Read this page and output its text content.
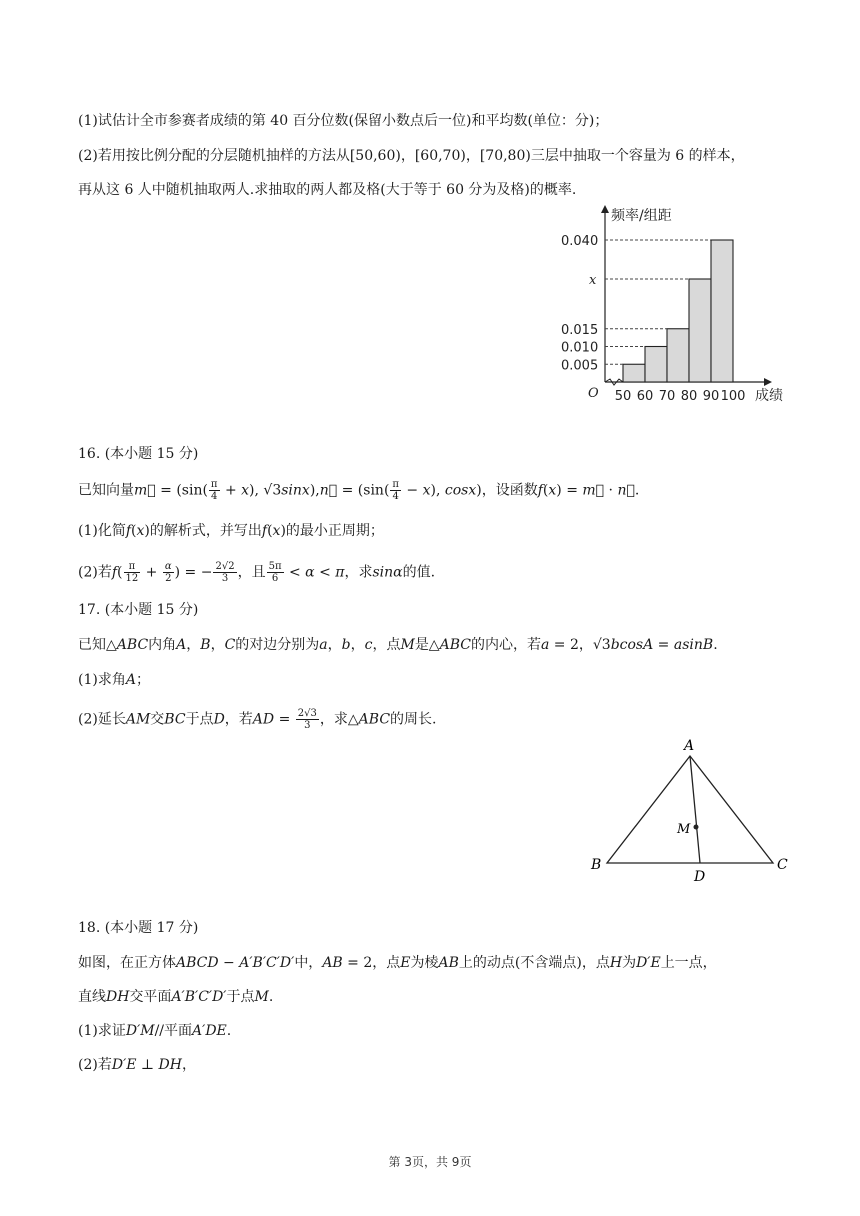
(1)试估计全市参赛者成绩的第 40 百分位数(保留小数点后一位)和平均数(单位：分)；
(2)若用按比例分配的分层随机抽样的方法从[50,60)，[60,70)，[70,80)三层中抽取一个容量为 6 的样本，
再从这 6 人中随机抽取两人.求抽取的两人都及格(大于等于 60 分为及格)的概率.
频率/组距
成绩
O
0.040
x
0.015
0.010
0.005
50 60 70 80 90 100
16. (本小题 15 分)
已知向量m⃗ = ($\sin( \frac{\pi}{4} + x)$, √3sinx),n⃗ = ($\sin( \frac{\pi}{4} - x)$, cosx)，设函数f(x) = m⃗ · n⃗.
(1)化简f(x)的解析式，并写出f(x)的最小正周期；
(2)若$f( \frac{\pi}{12} + \frac{\alpha}{2}$ ) = − $\frac{2√2}{3}$ ，且 $\frac{5\pi}{6} < \alpha < \pi$，求sinα的值.
17. (本小题 15 分)
已知△ABC内角A，B，C的对边分别为a，b，c，点M是△ABC的内心，若a = 2，√3bcosA = asinB.
(1)求角A；
(2)延长AM交BC于点D，若AD = $\frac{2√3}{3}$ ，求△ABC的周长.
A
B	C
D
M
18. (本小题 17 分)
如图，在正方体ABCD − A′B′C′D′中，AB = 2，点E为棱AB上的动点(不含端点)，点H为D′E上一点，
直线DH交平面A′B′C′D′于点M.
(1)求证D′M//平面A′DE.
(2)若D′E ⊥ DH，
第 3页，共 9页
